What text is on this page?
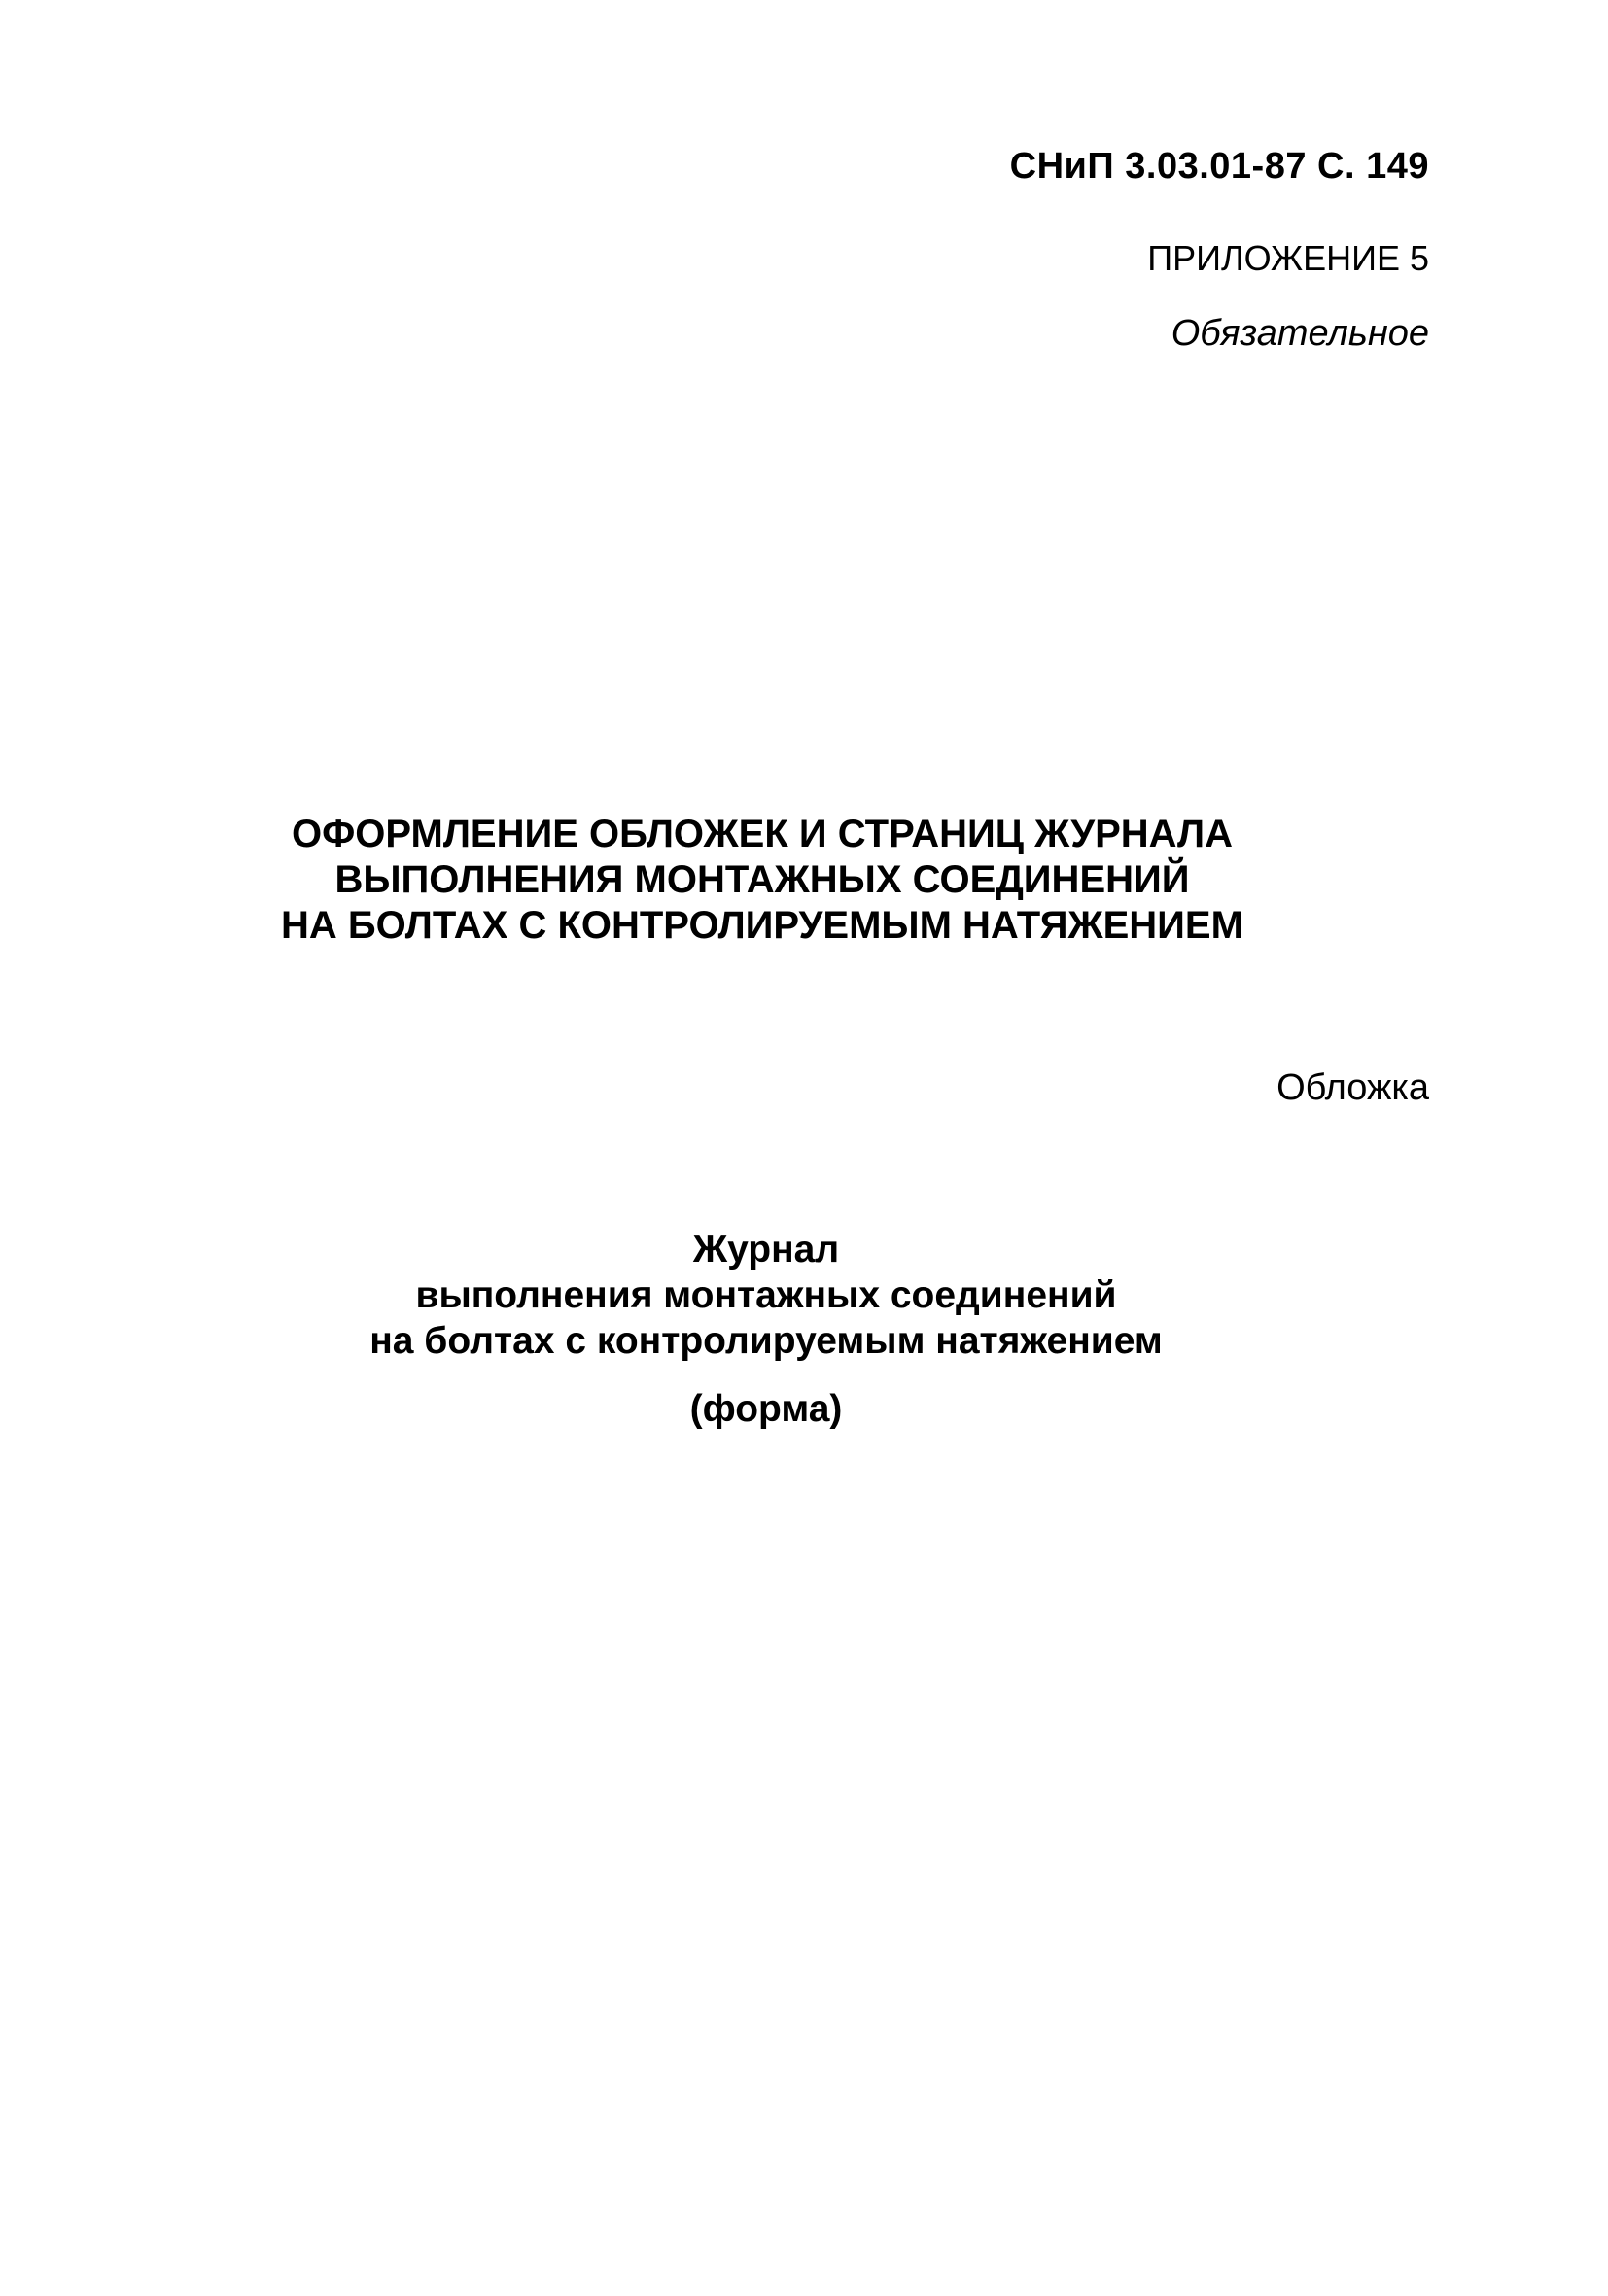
СНиП 3.03.01-87 С. 149
ПРИЛОЖЕНИЕ 5
Обязательное
ОФОРМЛЕНИЕ ОБЛОЖЕК И СТРАНИЦ ЖУРНАЛА
ВЫПОЛНЕНИЯ МОНТАЖНЫХ СОЕДИНЕНИЙ
НА БОЛТАХ С КОНТРОЛИРУЕМЫМ НАТЯЖЕНИЕМ
Обложка
Журнал
выполнения монтажных соединений
на болтах с контролируемым натяжением
(форма)
